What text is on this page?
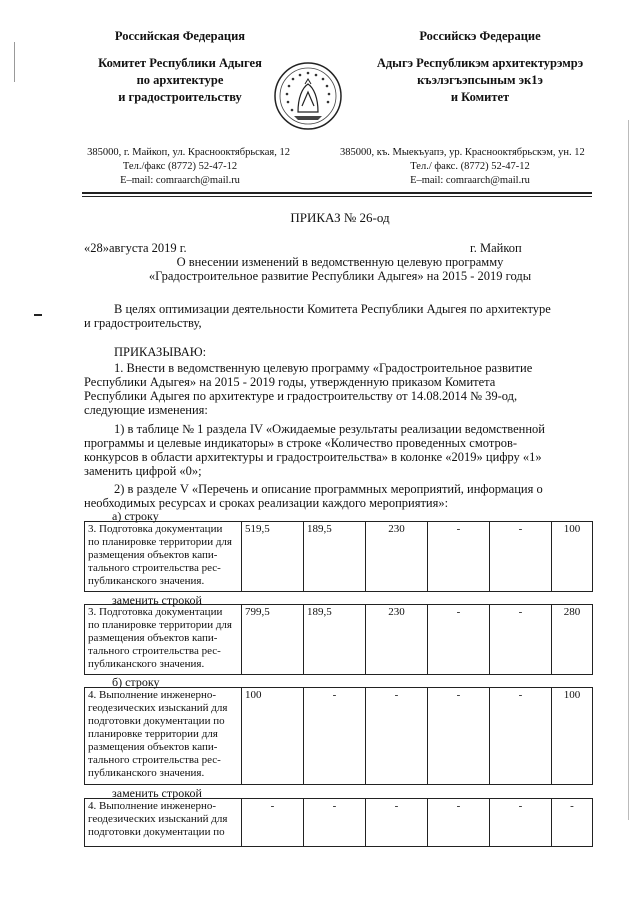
Российская Федерация
Комитет Республики Адыгея
по архитектуре
и градостроительству
Российскэ Федерацие
Адыгэ Республикэм архитектурэмрэ
къэлэгъэпсыным эк1э
и Комитет
385000, г. Майкоп, ул. Краснооктябрьская, 12
Тел./факс (8772) 52-47-12
E–mail: comraarch@mail.ru
385000, къ. Мыекъуапэ, ур. Краснооктябрьскэм, ун. 12
Тел./ факс. (8772) 52-47-12
E–mail: comraarch@mail.ru
ПРИКАЗ № 26-од
«28»августа 2019 г.	г. Майкоп
О внесении изменений в ведомственную целевую программу
«Градостроительное развитие Республики Адыгея» на 2015 - 2019 годы
В целях оптимизации деятельности Комитета Республики Адыгея по архитектуре
и градостроительству,
ПРИКАЗЫВАЮ:
1. Внести в ведомственную целевую программу «Градостроительное развитие
Республики Адыгея» на 2015 - 2019 годы, утвержденную приказом Комитета
Республики Адыгея по архитектуре и градостроительству от 14.08.2014 № 39-од,
следующие изменения:
1) в таблице № 1 раздела IV «Ожидаемые результаты реализации ведомственной
программы и целевые индикаторы» в строке «Количество проведенных смотров-
конкурсов в области архитектуры и градостроительства» в колонке «2019» цифру «1»
заменить цифрой «0»;
2) в разделе V «Перечень и описание программных мероприятий, информация о
необходимых ресурсах и сроках реализации каждого мероприятия»:
а) строку
заменить строкой
б) строку
заменить строкой
3. Подготовка документации
по планировке территории для
размещения объектов капи-
тального строительства рес-
публиканского значения.
	519,5	189,5	230	-	-	100
3. Подготовка документации
по планировке территории для
размещения объектов капи-
тального строительства рес-
публиканского значения.
	799,5	189,5	230	-	-	280
4. Выполнение инженерно-
геодезических изысканий для
подготовки документации по
планировке территории для
размещения объектов капи-
тального строительства рес-
публиканского значения.
	100	-	-	-	-	100
4. Выполнение инженерно-
геодезических изысканий для
подготовки документации по
	-	-	-	-	-	-
